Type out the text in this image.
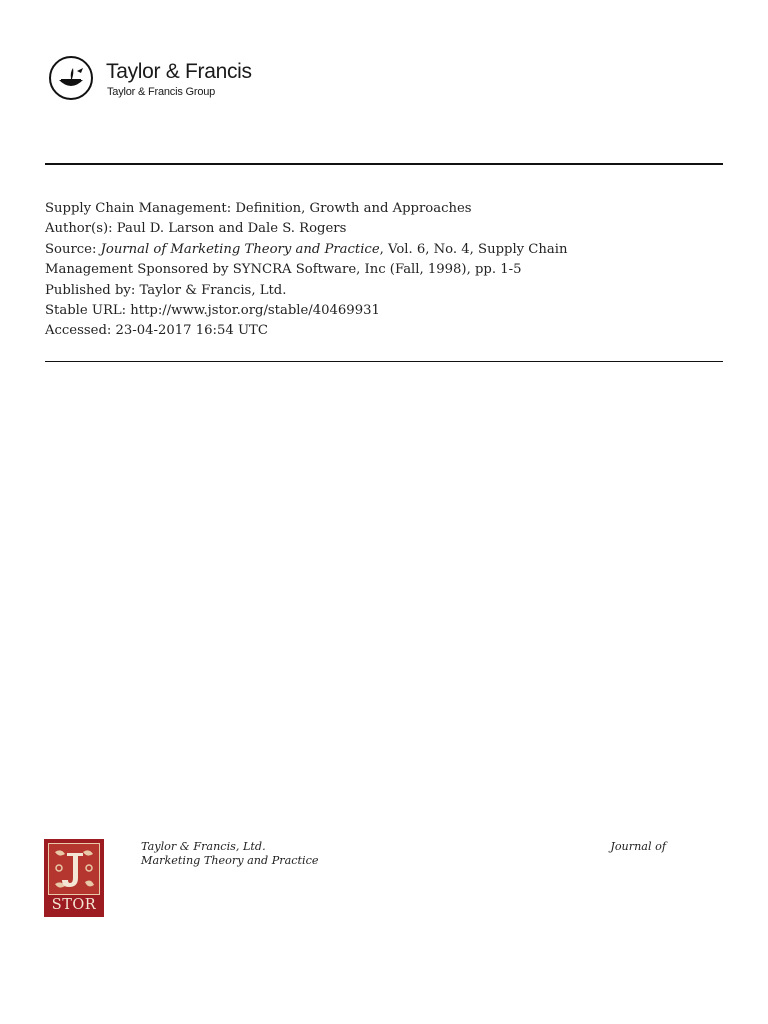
Taylor & Francis
Taylor & Francis Group
Supply Chain Management: Definition, Growth and Approaches
Author(s): Paul D. Larson and Dale S. Rogers
Source: Journal of Marketing Theory and Practice, Vol. 6, No. 4, Supply Chain
Management Sponsored by SYNCRA Software, Inc (Fall, 1998), pp. 1-5
Published by: Taylor & Francis, Ltd.
Stable URL: http://www.jstor.org/stable/40469931
Accessed: 23-04-2017 16:54 UTC
STOR
Taylor & Francis, Ltd.	Journal of
Marketing Theory and Practice
